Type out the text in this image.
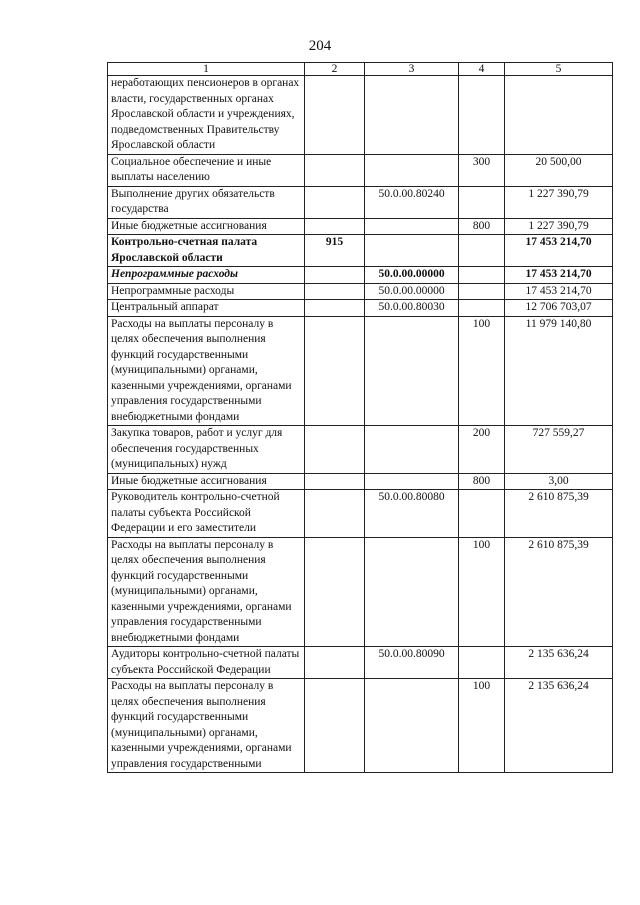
204
1	2	3	4	5
неработающих пенсионеров в органах власти, государственных органах Ярославской области и учреждениях, подведомственных Правительству Ярославской области				
Социальное обеспечение и иные выплаты населению			300	20 500,00
Выполнение других обязательств государства		50.0.00.80240		1 227 390,79
Иные бюджетные ассигнования			800	1 227 390,79
Контрольно-счетная палата Ярославской области	915			17 453 214,70
Непрограммные расходы		50.0.00.00000		17 453 214,70
Непрограммные расходы		50.0.00.00000		17 453 214,70
Центральный аппарат		50.0.00.80030		12 706 703,07
Расходы на выплаты персоналу в целях обеспечения выполнения функций государственными (муниципальными) органами, казенными учреждениями, органами управления государственными внебюджетными фондами			100	11 979 140,80
Закупка товаров, работ и услуг для обеспечения государственных (муниципальных) нужд			200	727 559,27
Иные бюджетные ассигнования			800	3,00
Руководитель контрольно-счетной палаты субъекта Российской Федерации и его заместители		50.0.00.80080		2 610 875,39
Расходы на выплаты персоналу в целях обеспечения выполнения функций государственными (муниципальными) органами, казенными учреждениями, органами управления государственными внебюджетными фондами			100	2 610 875,39
Аудиторы контрольно-счетной палаты субъекта Российской Федерации		50.0.00.80090		2 135 636,24
Расходы на выплаты персоналу в целях обеспечения выполнения функций государственными (муниципальными) органами, казенными учреждениями, органами управления государственными			100	2 135 636,24
